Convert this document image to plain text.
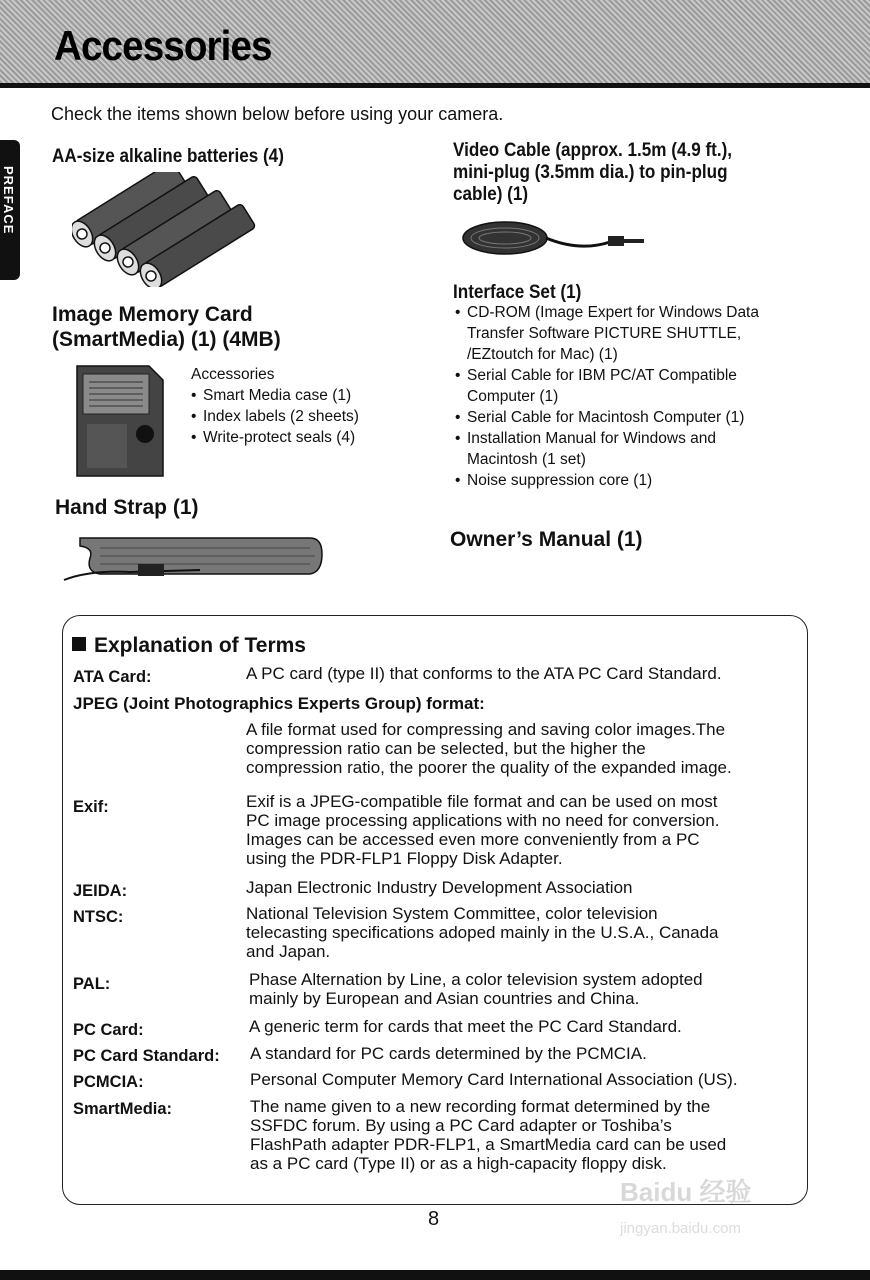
Accessories
PREFACE
Check the items shown below before using your camera.
AA-size alkaline batteries (4)
Image Memory Card
(SmartMedia) (1) (4MB)
Accessories
• Smart Media case (1)
• Index labels (2 sheets)
• Write-protect seals (4)
Hand Strap (1)
Video Cable (approx. 1.5m (4.9 ft.),
mini-plug (3.5mm dia.) to pin-plug
cable) (1)
Interface Set (1)
• CD-ROM (Image Expert for Windows Data
Transfer Software PICTURE SHUTTLE,
/EZtoutch for Mac) (1)
• Serial Cable for IBM PC/AT Compatible
Computer (1)
• Serial Cable for Macintosh Computer (1)
• Installation Manual for Windows and
Macintosh (1 set)
• Noise suppression core (1)
Owner’s Manual (1)
Explanation of Terms
ATA Card:	A PC card (type II) that conforms to the ATA PC Card Standard.
JPEG (Joint Photographics Experts Group) format:
A file format used for compressing and saving color images.The
compression ratio can be selected, but the higher the
compression ratio, the poorer the quality of the expanded image.
Exif:	Exif is a JPEG-compatible file format and can be used on most
PC image processing applications with no need for conversion.
Images can be accessed even more conveniently from a PC
using the PDR-FLP1 Floppy Disk Adapter.
JEIDA:	Japan Electronic Industry Development Association
NTSC:	National Television System Committee, color television
telecasting specifications adoped mainly in the U.S.A., Canada
and Japan.
PAL:	Phase Alternation by Line, a color television system adopted
mainly by European and Asian countries and China.
PC Card:	A generic term for cards that meet the PC Card Standard.
PC Card Standard: A standard for PC cards determined by the PCMCIA.
PCMCIA:	Personal Computer Memory Card International Association (US).
SmartMedia:	The name given to a new recording format determined by the
SSFDC forum. By using a PC Card adapter or Toshiba’s
FlashPath adapter PDR-FLP1, a SmartMedia card can be used
as a PC card (Type II) or as a high-capacity floppy disk.
8
Baidu 经验
jingyan.baidu.com
